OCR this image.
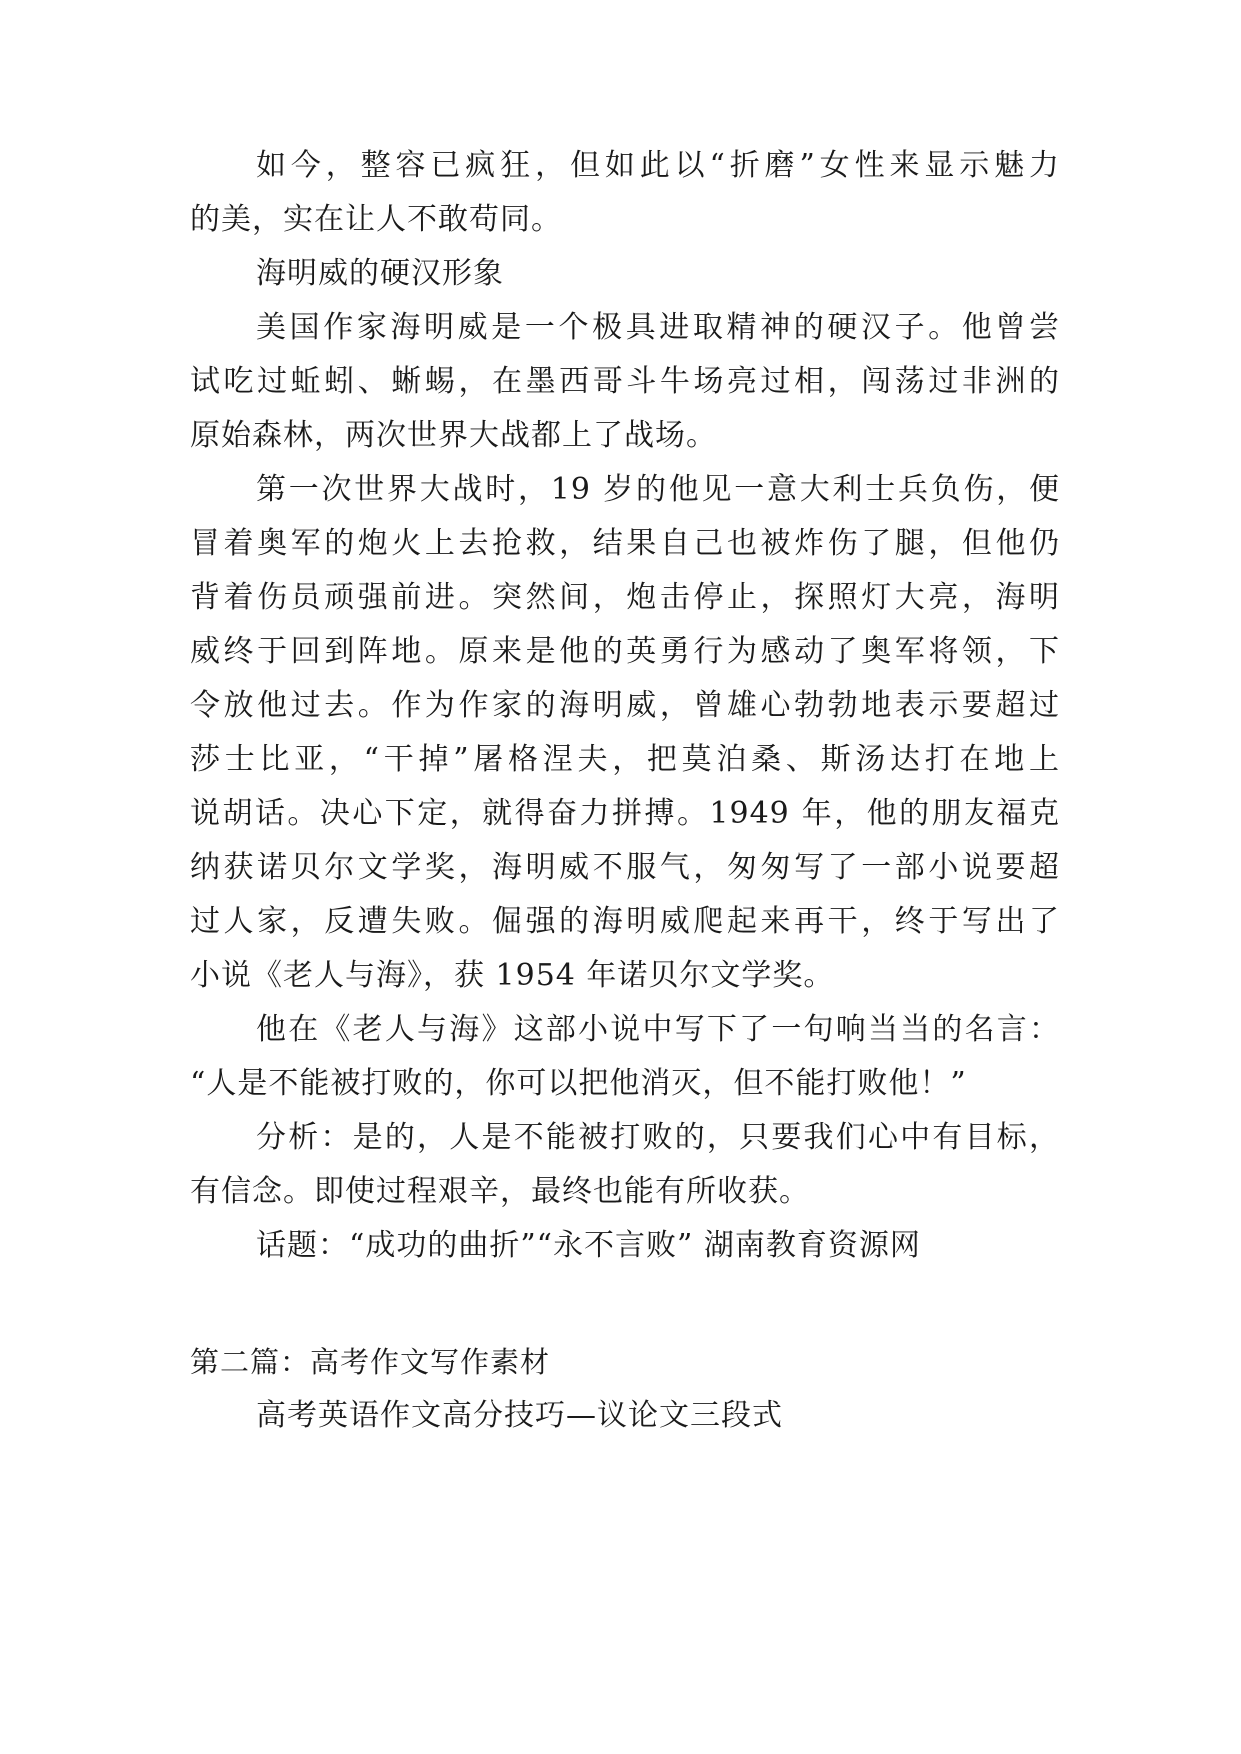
如今，整容已疯狂，但如此以“折磨”女性来显示魅力

的美，实在让人不敢苟同。

海明威的硬汉形象

美国作家海明威是一个极具进取精神的硬汉子。他曾尝

试吃过蚯蚓、蜥蜴，在墨西哥斗牛场亮过相，闯荡过非洲的

原始森林，两次世界大战都上了战场。

第一次世界大战时，19 岁的他见一意大利士兵负伤，便

冒着奥军的炮火上去抢救，结果自己也被炸伤了腿，但他仍

背着伤员顽强前进。突然间，炮击停止，探照灯大亮，海明

威终于回到阵地。原来是他的英勇行为感动了奥军将领，下

令放他过去。作为作家的海明威，曾雄心勃勃地表示要超过

莎士比亚，“干掉”屠格涅夫，把莫泊桑、斯汤达打在地上

说胡话。决心下定，就得奋力拼搏。1949 年，他的朋友福克

纳获诺贝尔文学奖，海明威不服气，匆匆写了一部小说要超

过人家，反遭失败。倔强的海明威爬起来再干，终于写出了

小说《老人与海》，获 1954 年诺贝尔文学奖。

他在《老人与海》这部小说中写下了一句响当当的名言：

“人是不能被打败的，你可以把他消灭，但不能打败他！”

分析：是的，人是不能被打败的，只要我们心中有目标，

有信念。即使过程艰辛，最终也能有所收获。

话题：“成功的曲折”“永不言败” 湖南教育资源网

第二篇：高考作文写作素材

高考英语作文高分技巧—议论文三段式
